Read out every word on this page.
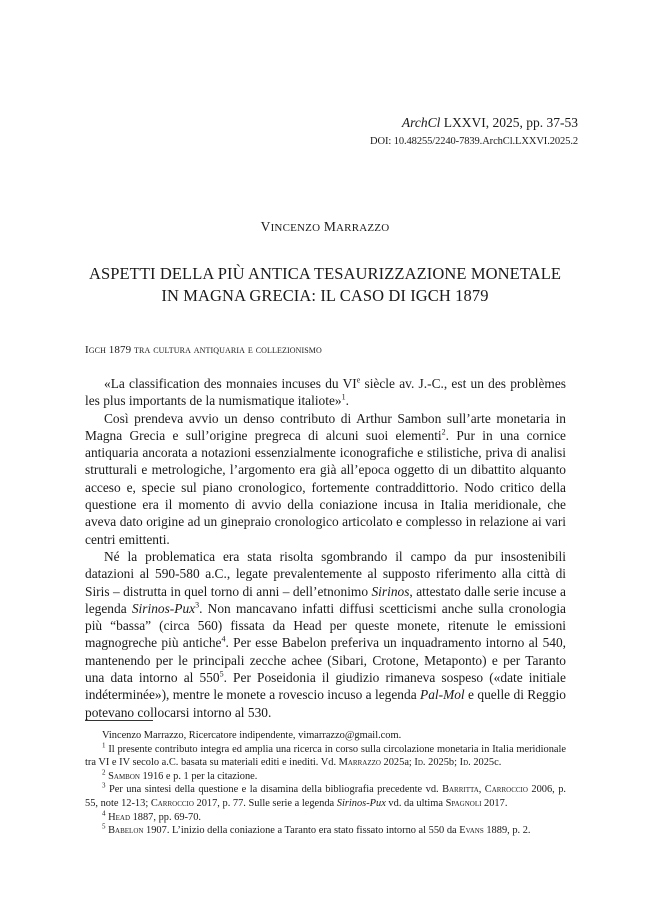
ArchCl LXXVI, 2025, pp. 37-53
DOI: 10.48255/2240-7839.ArchCl.LXXVI.2025.2
VINCENZO MARRAZZO
ASPETTI DELLA PIÙ ANTICA TESAURIZZAZIONE MONETALE
IN MAGNA GRECIA: IL CASO DI IGCH 1879
Igch 1879 tra cultura antiquaria e collezionismo

«La classification des monnaies incuses du VIe siècle av. J.-C., est un des problèmes les plus importants de la numismatique italiote»$^1$.

Così prendeva avvio un denso contributo di Arthur Sambon sull’arte monetaria in Magna Grecia e sull’origine pregreca di alcuni suoi elementi$^2$. Pur in una cornice antiquaria ancorata a notazioni essenzialmente iconografiche e stilistiche, priva di analisi strutturali e metrologiche, l’argomento era già all’epoca oggetto di un dibattito alquanto acceso e, specie sul piano cronologico, fortemente contraddittorio. Nodo critico della questione era il momento di avvio della coniazione incusa in Italia meridionale, che aveva dato origine ad un ginepraio cronologico articolato e complesso in relazione ai vari centri emittenti.

Né la problematica era stata risolta sgombrando il campo da pur insostenibili datazioni al 590-580 a.C., legate prevalentemente al supposto riferimento alla città di Siris – distrutta in quel torno di anni – dell’etnonimo Sirinos, attestato dalle serie incuse a legenda Sirinos-Pux$^3$. Non mancavano infatti diffusi scetticismi anche sulla cronologia più “bassa” (circa 560) fissata da Head per queste monete, ritenute le emissioni magnogreche più antiche$^4$. Per esse Babelon preferiva un inquadramento intorno al 540, mantenendo per le principali zecche achee (Sibari, Crotone, Metaponto) e per Taranto una data intorno al $550^5$. Per Poseidonia il giudizio rimaneva sospeso («date initiale indéterminée»), mentre le monete a rovescio incuso a legenda Pal-Mol e quelle di Reggio potevano collocarsi intorno al 530.

Vincenzo Marrazzo, Ricercatore indipendente, vimarrazzo@gmail.com.

$^1$ Il presente contributo integra ed amplia una ricerca in corso sulla circolazione monetaria in Italia meridionale tra VI e IV secolo a.C. basata su materiali editi e inediti. Vd. Marrazzo 2025a; Id. 2025b; Id. 2025c.

$^2$ Sambon 1916 e p. 1 per la citazione.

$^3$ Per una sintesi della questione e la disamina della bibliografia precedente vd. Barritta, Carroccio 2006, p. 55, note 12-13; Carroccio 2017, p. 77. Sulle serie a legenda Sirinos-Pux vd. da ultima Spagnoli 2017.

$^4$ Head 1887, pp. 69-70.

$^5$ Babelon 1907. L’inizio della coniazione a Taranto era stato fissato intorno al 550 da Evans 1889, p. 2.
